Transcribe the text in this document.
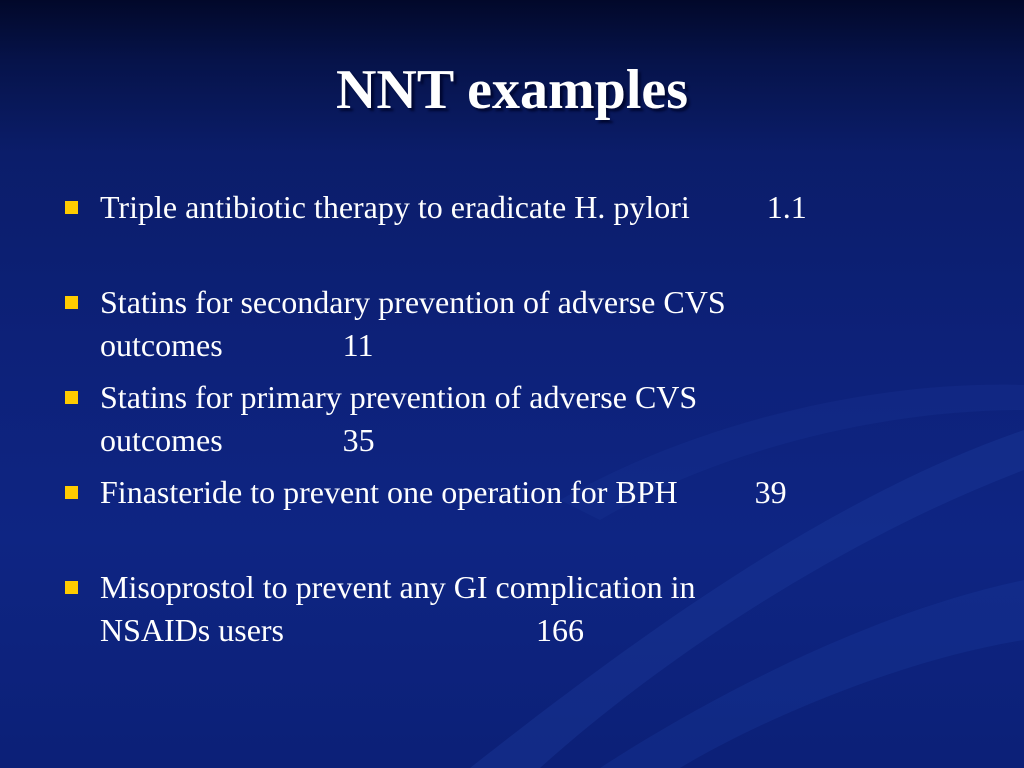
NNT examples
Triple antibiotic therapy to eradicate H. pylori 1.1
Statins for secondary prevention of adverse CVS
outcomes	11
Statins for primary prevention of adverse CVS
outcomes	35
Finasteride to prevent one operation for BPH 39
Misoprostol to prevent any GI complication in
NSAIDs users	166
